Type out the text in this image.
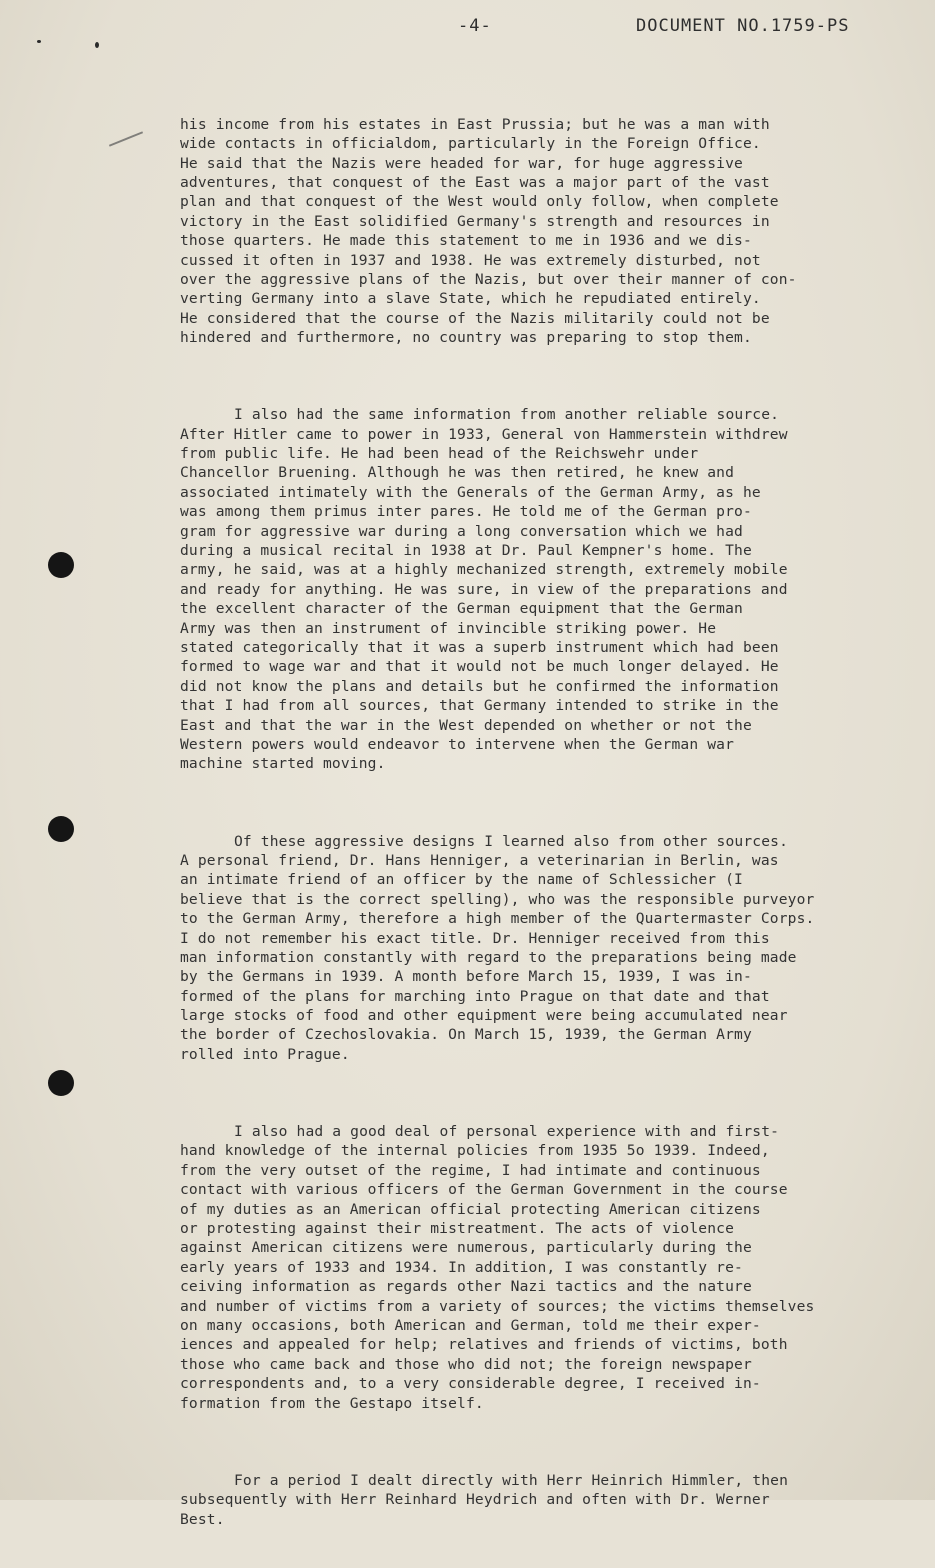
-4-	DOCUMENT NO.1759-PS

his income from his estates in East Prussia; but he was a man with
wide contacts in officialdom, particularly in the Foreign Office.
He said that the Nazis were headed for war, for huge aggressive
adventures, that conquest of the East was a major part of the vast
plan and that conquest of the West would only follow, when complete
victory in the East solidified Germany's strength and resources in
those quarters. He made this statement to me in 1936 and we dis-
cussed it often in 1937 and 1938. He was extremely disturbed, not
over the aggressive plans of the Nazis, but over their manner of con-
verting Germany into a slave State, which he repudiated entirely.
He considered that the course of the Nazis militarily could not be
hindered and furthermore, no country was preparing to stop them.

I also had the same information from another reliable source.
After Hitler came to power in 1933, General von Hammerstein withdrew
from public life. He had been head of the Reichswehr under
Chancellor Bruening. Although he was then retired, he knew and
associated intimately with the Generals of the German Army, as he
was among them primus inter pares. He told me of the German pro-
gram for aggressive war during a long conversation which we had
during a musical recital in 1938 at Dr. Paul Kempner's home. The
army, he said, was at a highly mechanized strength, extremely mobile
and ready for anything. He was sure, in view of the preparations and
the excellent character of the German equipment that the German
Army was then an instrument of invincible striking power. He
stated categorically that it was a superb instrument which had been
formed to wage war and that it would not be much longer delayed. He
did not know the plans and details but he confirmed the information
that I had from all sources, that Germany intended to strike in the
East and that the war in the West depended on whether or not the
Western powers would endeavor to intervene when the German war
machine started moving.

Of these aggressive designs I learned also from other sources.
A personal friend, Dr. Hans Henniger, a veterinarian in Berlin, was
an intimate friend of an officer by the name of Schlessicher (I
believe that is the correct spelling), who was the responsible purveyor
to the German Army, therefore a high member of the Quartermaster Corps.
I do not remember his exact title. Dr. Henniger received from this
man information constantly with regard to the preparations being made
by the Germans in 1939. A month before March 15, 1939, I was in-
formed of the plans for marching into Prague on that date and that
large stocks of food and other equipment were being accumulated near
the border of Czechoslovakia. On March 15, 1939, the German Army
rolled into Prague.

I also had a good deal of personal experience with and first-
hand knowledge of the internal policies from 1935 5o 1939. Indeed,
from the very outset of the regime, I had intimate and continuous
contact with various officers of the German Government in the course
of my duties as an American official protecting American citizens
or protesting against their mistreatment. The acts of violence
against American citizens were numerous, particularly during the
early years of 1933 and 1934. In addition, I was constantly re-
ceiving information as regards other Nazi tactics and the nature
and number of victims from a variety of sources; the victims themselves
on many occasions, both American and German, told me their exper-
iences and appealed for help; relatives and friends of victims, both
those who came back and those who did not; the foreign newspaper
correspondents and, to a very considerable degree, I received in-
formation from the Gestapo itself.

For a period I dealt directly with Herr Heinrich Himmler, then
subsequently with Herr Reinhard Heydrich and often with Dr. Werner
Best.
